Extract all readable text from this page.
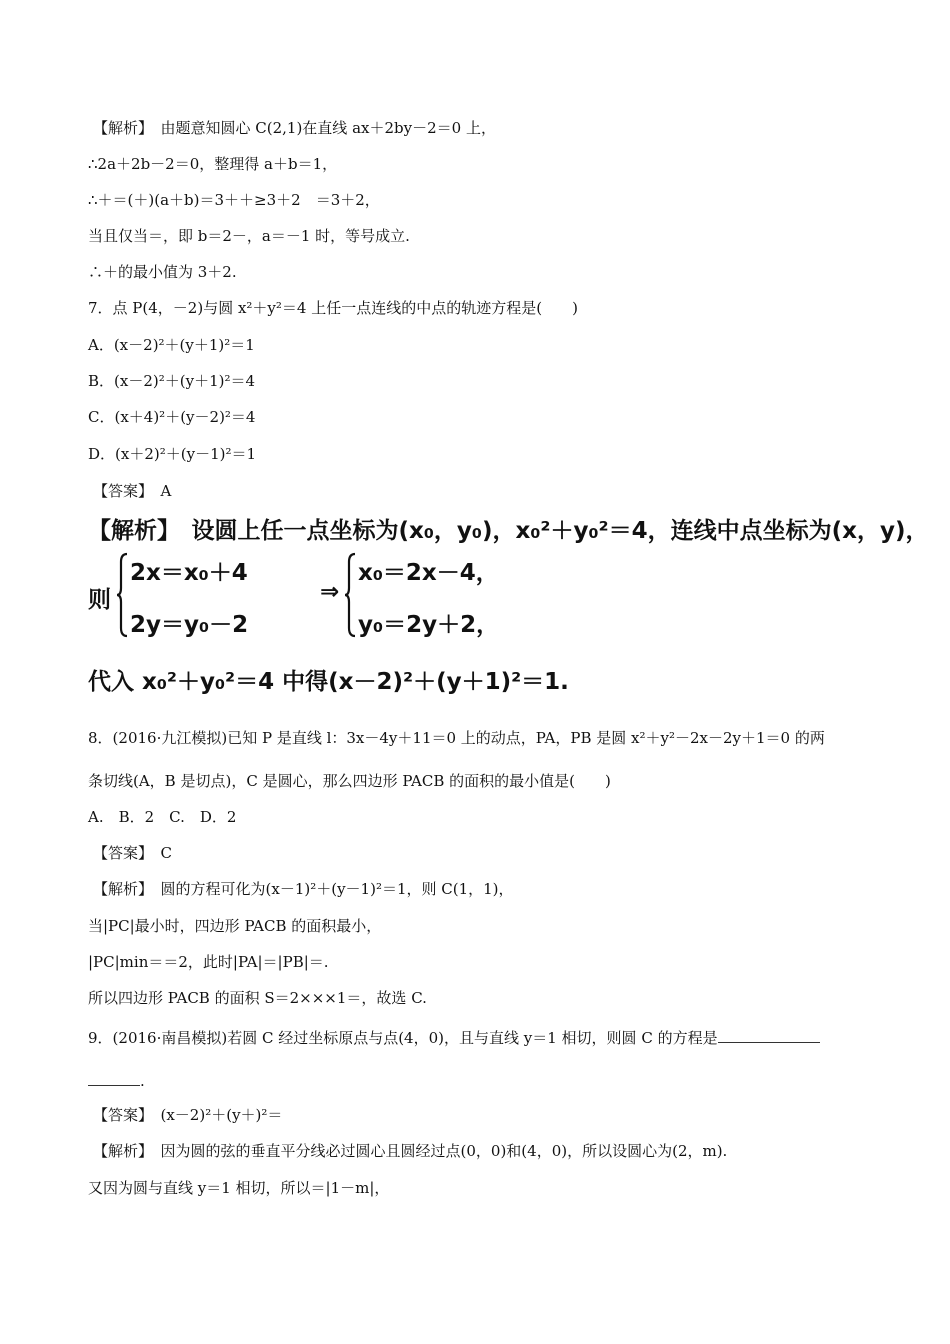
【解析】　由题意知圆心 C(2,1)在直线 ax＋2by－2＝0 上，
∴2a＋2b－2＝0，整理得 a＋b＝1，
∴＋＝(＋)(a＋b)＝3＋＋≥3＋2　＝3＋2，
当且仅当＝，即 b＝2－，a＝－1 时，等号成立.
∴＋的最小值为 3＋2.
7．点 P(4，－2)与圆 x²＋y²＝4 上任一点连线的中点的轨迹方程是(　　)
A．(x－2)²＋(y＋1)²＝1
B．(x－2)²＋(y＋1)²＝4
C．(x＋4)²＋(y－2)²＝4
D．(x＋2)²＋(y－1)²＝1
【答案】　A
【解析】　设圆上任一点坐标为(x₀，y₀)，x₀²＋y₀²＝4，连线中点坐标为(x，y)，
则
2x＝x₀＋4
2y＝y₀－2
⇒
x₀＝2x－4，
y₀＝2y＋2，
代入 x₀²＋y₀²＝4 中得(x－2)²＋(y＋1)²＝1.
8．(2016·九江模拟)已知 P 是直线 l：3x－4y＋11＝0 上的动点，PA，PB 是圆 x²＋y²－2x－2y＋1＝0 的两
条切线(A，B 是切点)，C 是圆心，那么四边形 PACB 的面积的最小值是(　　)
A.　B．2　C.　D．2
【答案】　C
【解析】　圆的方程可化为(x－1)²＋(y－1)²＝1，则 C(1，1)，
当|PC|最小时，四边形 PACB 的面积最小，
|PC|min＝＝2，此时|PA|＝|PB|＝.
所以四边形 PACB 的面积 S＝2×××1＝，故选 C.
9．(2016·南昌模拟)若圆 C 经过坐标原点与点(4，0)，且与直线 y＝1 相切，则圆 C 的方程是
.
【答案】　(x－2)²＋(y＋)²＝
【解析】　因为圆的弦的垂直平分线必过圆心且圆经过点(0，0)和(4，0)，所以设圆心为(2，m).
又因为圆与直线 y＝1 相切，所以＝|1－m|，
